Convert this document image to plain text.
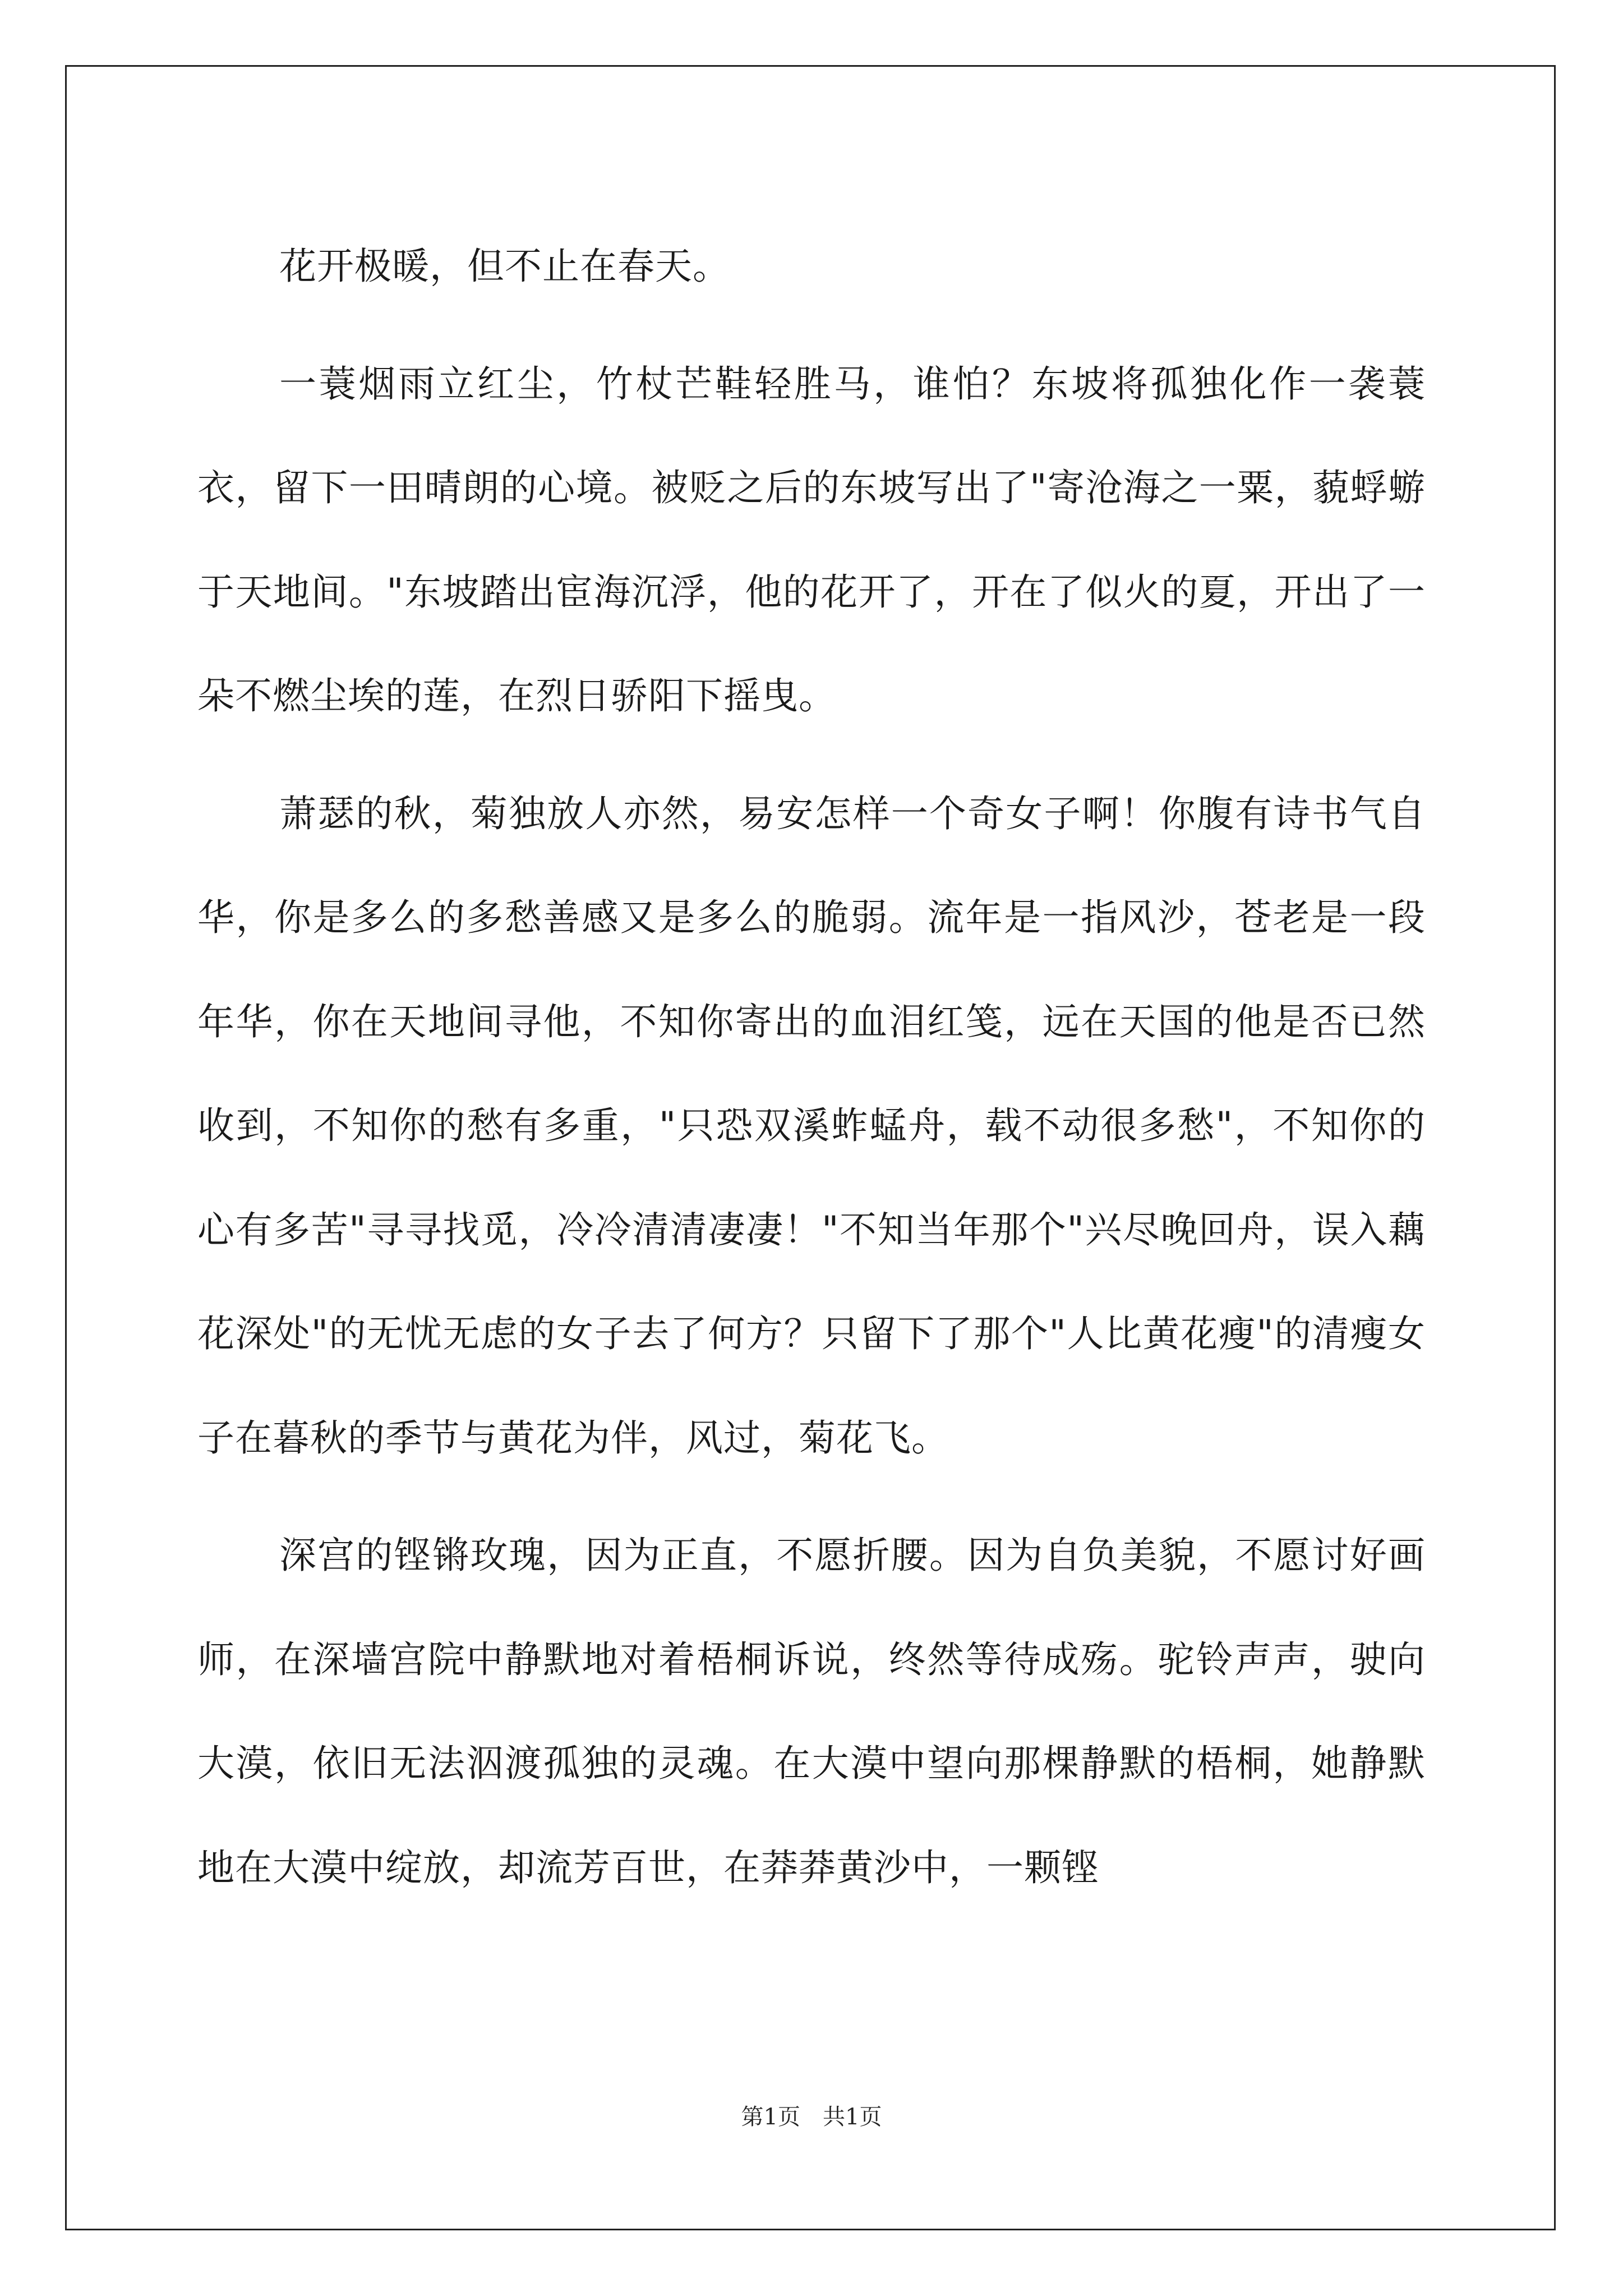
花开极暖，但不止在春天。

一蓑烟雨立红尘，竹杖芒鞋轻胜马，谁怕？东坡将孤独化作一袭蓑衣，留下一田晴朗的心境。被贬之后的东坡写出了"寄沧海之一粟，藐蜉蝣于天地间。"东坡踏出宦海沉浮，他的花开了，开在了似火的夏，开出了一朵不燃尘埃的莲，在烈日骄阳下摇曳。

萧瑟的秋，菊独放人亦然，易安怎样一个奇女子啊！你腹有诗书气自华，你是多么的多愁善感又是多么的脆弱。流年是一指风沙，苍老是一段年华，你在天地间寻他，不知你寄出的血泪红笺，远在天国的他是否已然收到，不知你的愁有多重，"只恐双溪蚱蜢舟，载不动很多愁"，不知你的心有多苦"寻寻找觅，冷冷清清凄凄！"不知当年那个"兴尽晚回舟，误入藕花深处"的无忧无虑的女子去了何方？只留下了那个"人比黄花瘦"的清瘦女子在暮秋的季节与黄花为伴，风过，菊花飞。

深宫的铿锵玫瑰，因为正直，不愿折腰。因为自负美貌，不愿讨好画师，在深墙宫院中静默地对着梧桐诉说，终然等待成殇。驼铃声声，驶向大漠，依旧无法泅渡孤独的灵魂。在大漠中望向那棵静默的梧桐，她静默地在大漠中绽放，却流芳百世，在莽莽黄沙中，一颗铿

第1页 共1页
